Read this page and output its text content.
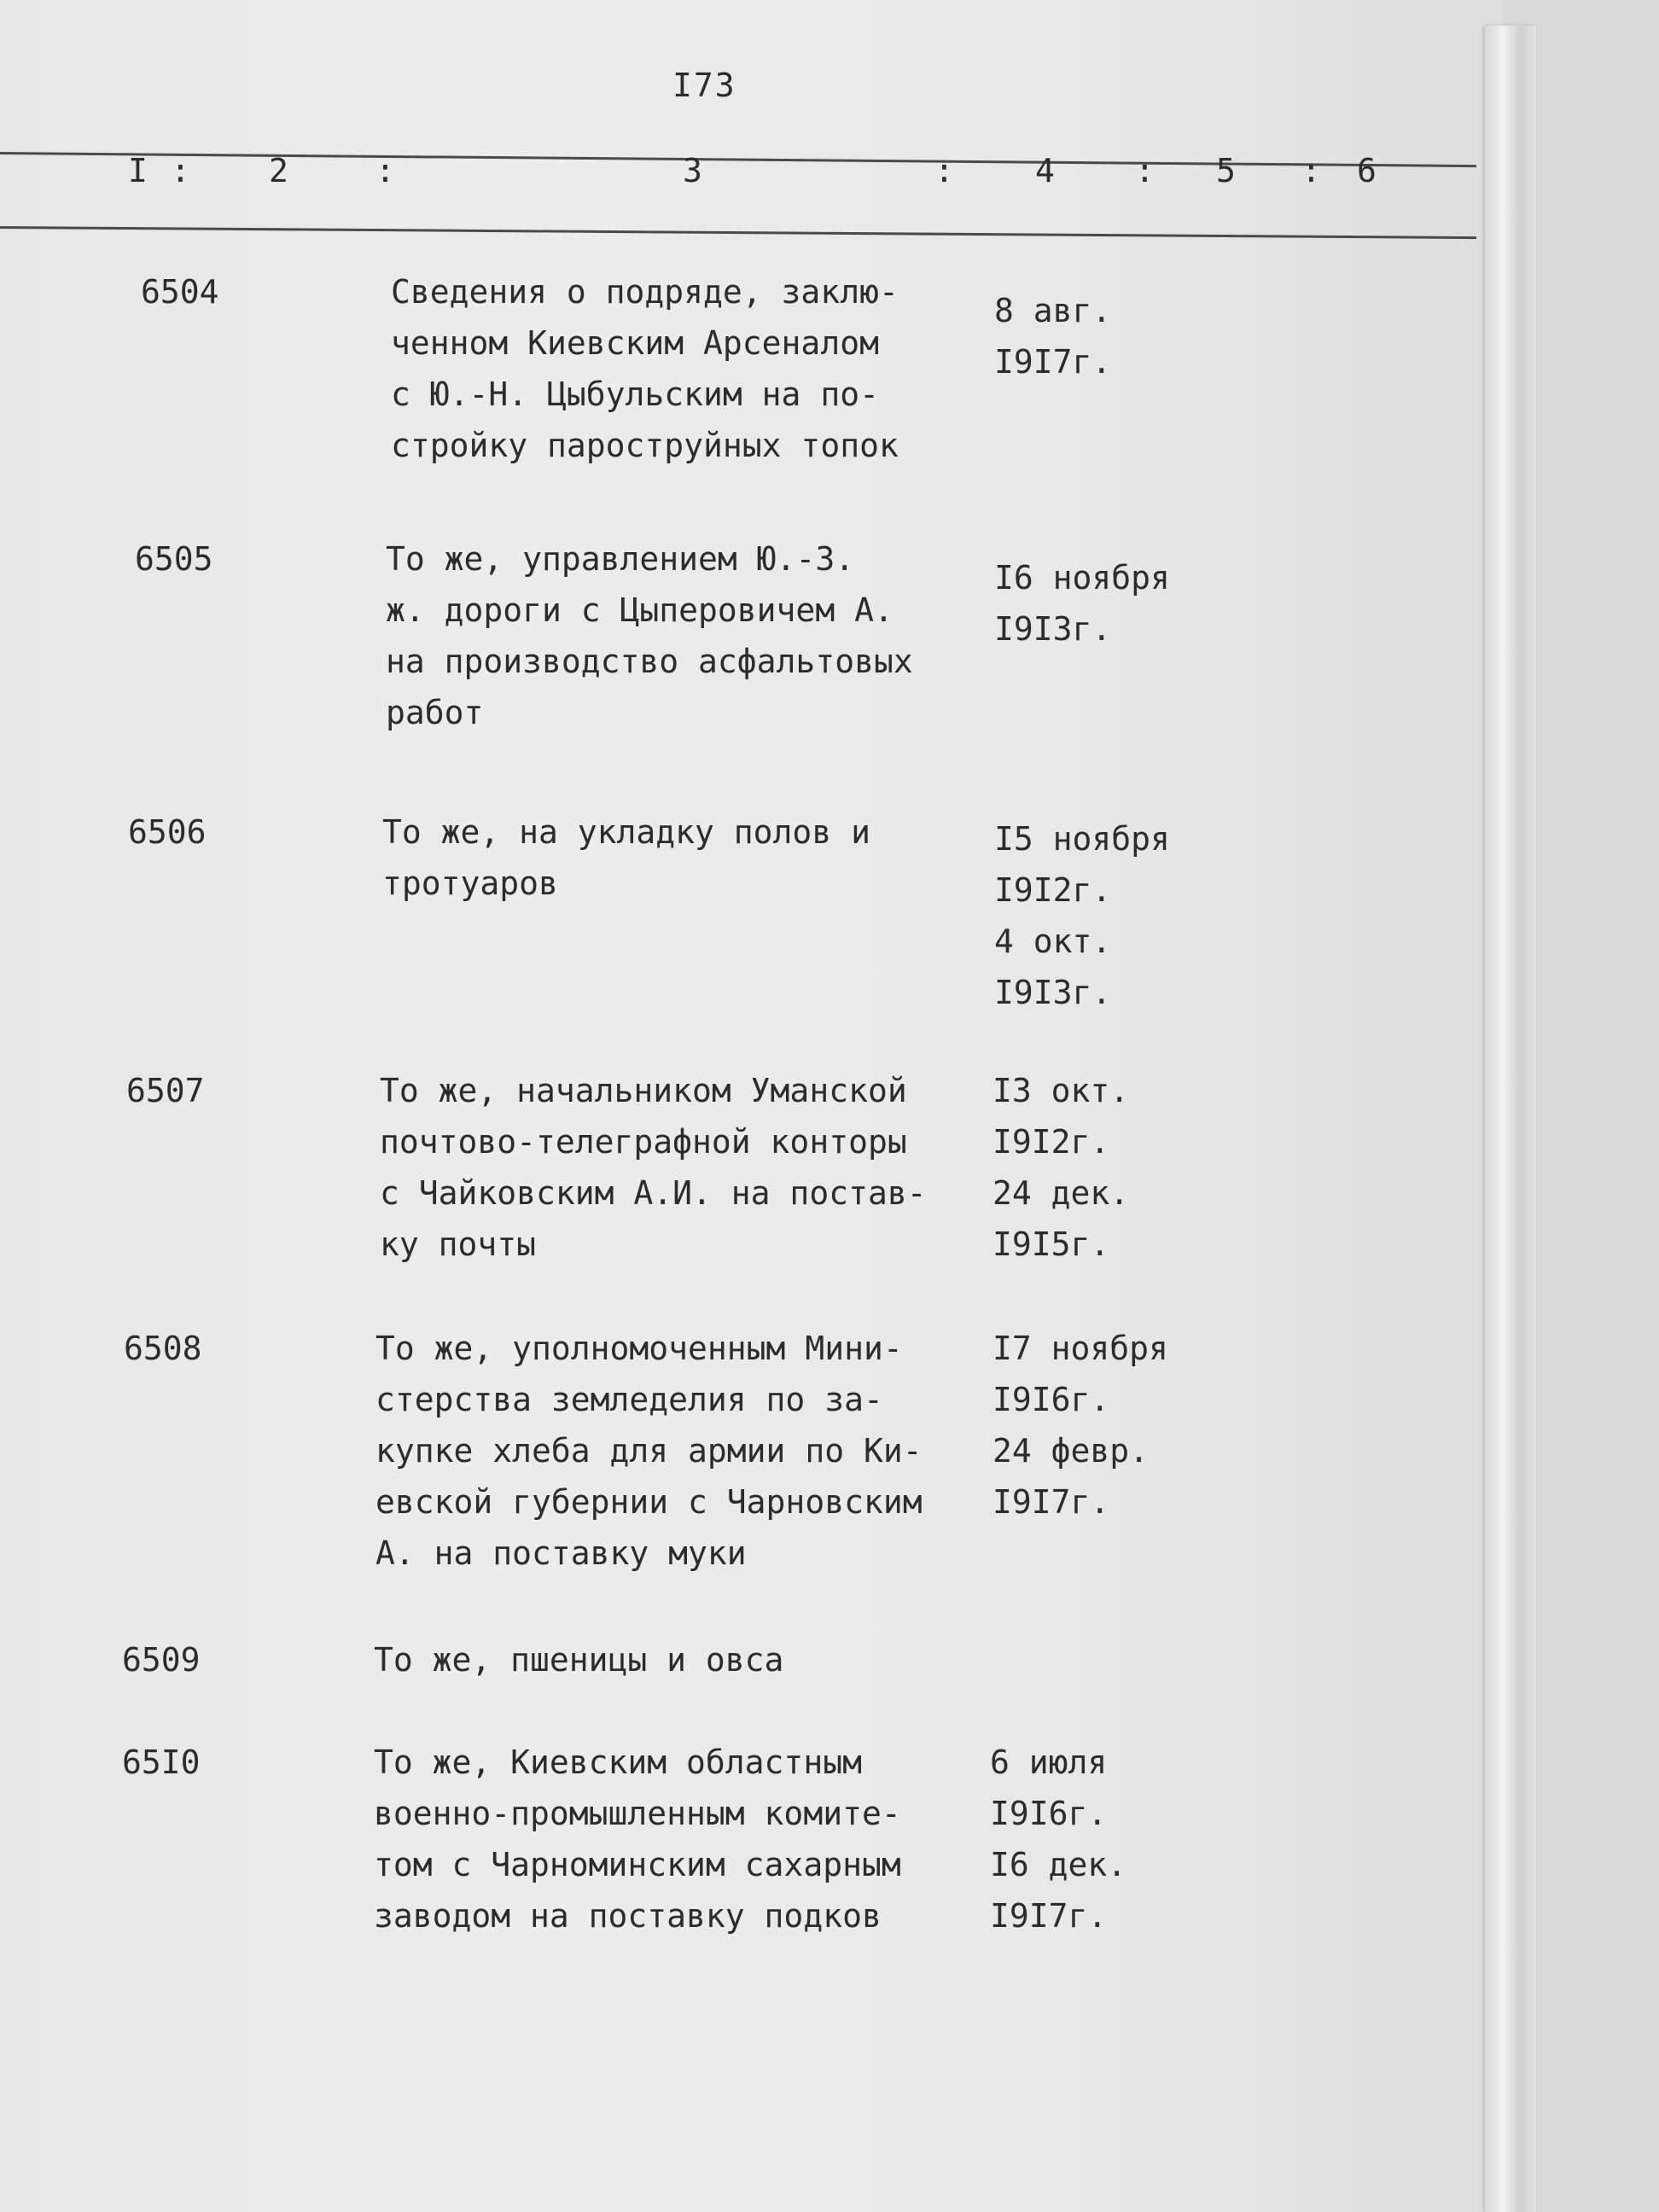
I73
I : 2	:	3	:	4 : 5 : 6
6504	Сведения о подряде, заклю-
ченном Киевским Арсеналом
с Ю.-Н. Цыбульским на по-
стройку пароструйных топок
8 авг.
I9I7г.
6505	То же, управлением Ю.-З.
ж. дороги с Цыперовичем А.
на производство асфальтовых
работ
I6 ноября
I9I3г.
6506	То же, на укладку полов и
тротуаров
I5 ноября
I9I2г.
4 окт.
I9I3г.
6507	То же, начальником Уманской
почтово-телеграфной конторы
с Чайковским А.И. на постав-
ку почты
I3 окт.
I9I2г.
24 дек.
I9I5г.
6508	То же, уполномоченным Мини-
стерства земледелия по за-
купке хлеба для армии по Ки-
евской губернии с Чарновским
А. на поставку муки
I7 ноября
I9I6г.
24 февр.
I9I7г.
6509	То же, пшеницы и овса
65I0	То же, Киевским областным
военно-промышленным комите-
том с Чарноминским сахарным
заводом на поставку подков
6 июля
I9I6г.
I6 дек.
I9I7г.
